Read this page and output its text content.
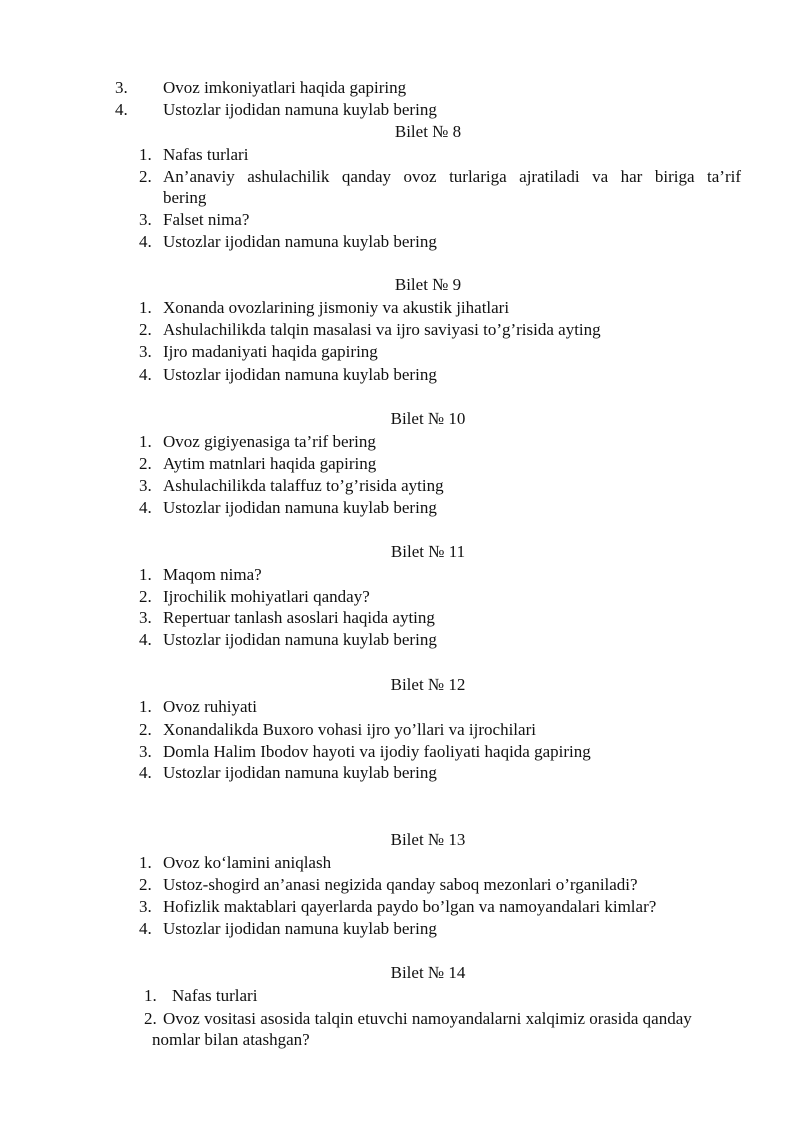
3. Ovoz imkoniyatlari haqida gapiring
4. Ustozlar ijodidan namuna kuylab bering
Bilet № 8
1. Nafas turlari
2. An’anaviy ashulachilik qanday ovoz turlariga ajratiladi va har biriga ta’rif
bering
3. Falset nima?
4. Ustozlar ijodidan namuna kuylab bering
Bilet № 9
1. Xonanda ovozlarining jismoniy va akustik jihatlari
2. Ashulachilikda talqin masalasi va ijro saviyasi to’g’risida ayting
3. Ijro madaniyati haqida gapiring
4. Ustozlar ijodidan namuna kuylab bering
Bilet № 10
1. Ovoz gigiyenasiga ta’rif bering
2. Aytim matnlari haqida gapiring
3. Ashulachilikda talaffuz to’g’risida ayting
4. Ustozlar ijodidan namuna kuylab bering
Bilet № 11
1. Maqom nima?
2. Ijrochilik mohiyatlari qanday?
3. Repertuar tanlash asoslari haqida ayting
4. Ustozlar ijodidan namuna kuylab bering
Bilet № 12
1. Ovoz ruhiyati
2. Xonandalikda Buxoro vohasi ijro yo’llari va ijrochilari
3. Domla Halim Ibodov hayoti va ijodiy faoliyati haqida gapiring
4. Ustozlar ijodidan namuna kuylab bering
Bilet № 13
1. Ovoz ko‘lamini aniqlash
2. Ustoz-shogird an’anasi negizida qanday saboq mezonlari o’rganiladi?
3. Hofizlik maktablari qayerlarda paydo bo’lgan va namoyandalari kimlar?
4. Ustozlar ijodidan namuna kuylab bering
Bilet № 14
1. Nafas turlari
2. Ovoz vositasi asosida talqin etuvchi namoyandalarni xalqimiz orasida qanday
nomlar bilan atashgan?
